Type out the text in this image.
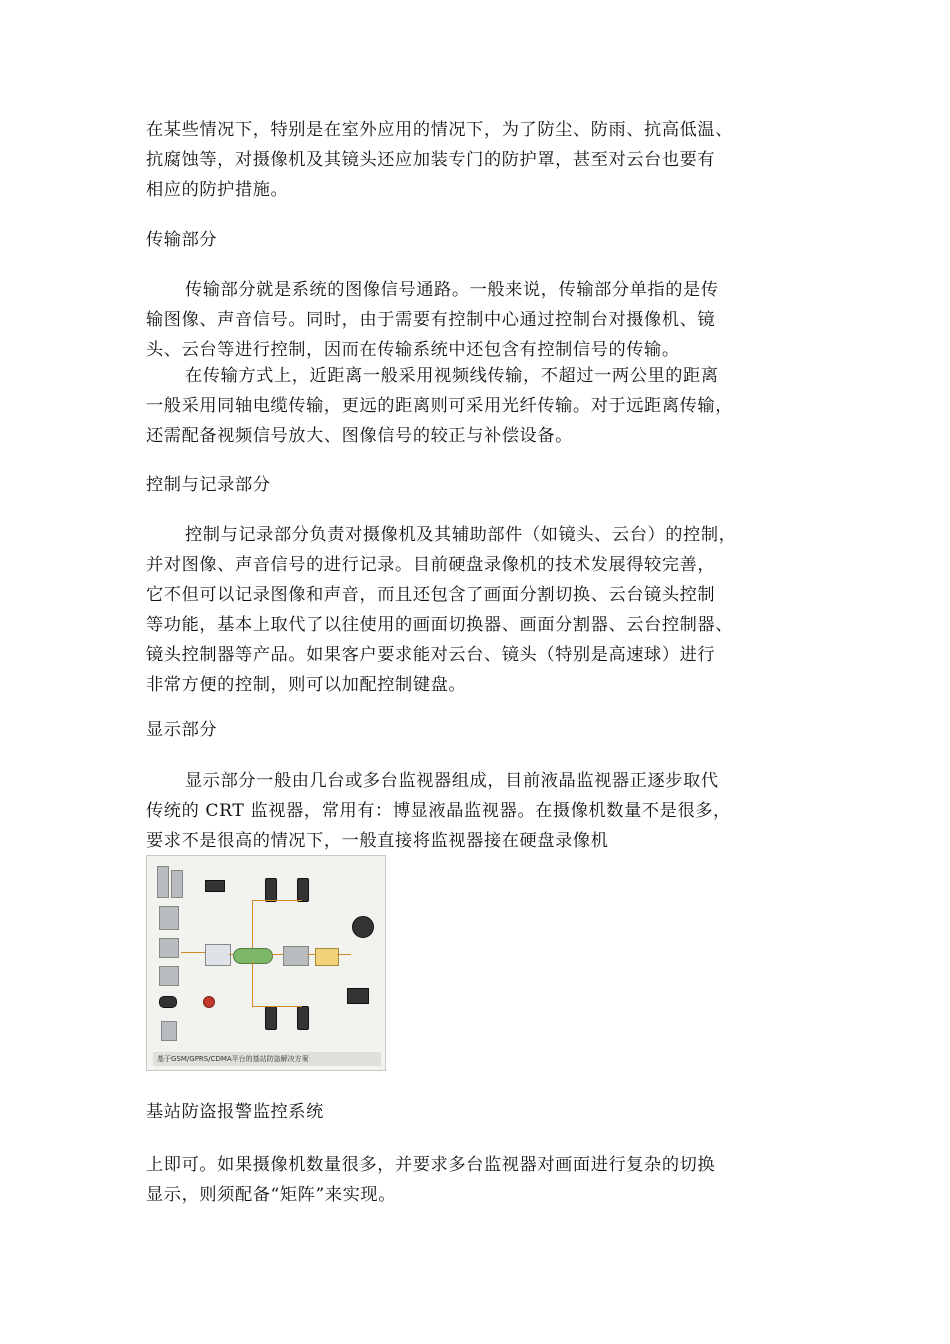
在某些情况下，特别是在室外应用的情况下，为了防尘、防雨、抗高低温、
抗腐蚀等，对摄像机及其镜头还应加装专门的防护罩，甚至对云台也要有
相应的防护措施。
传输部分
传输部分就是系统的图像信号通路。一般来说，传输部分单指的是传
输图像、声音信号。同时，由于需要有控制中心通过控制台对摄像机、镜
头、云台等进行控制，因而在传输系统中还包含有控制信号的传输。
在传输方式上，近距离一般采用视频线传输，不超过一两公里的距离
一般采用同轴电缆传输，更远的距离则可采用光纤传输。对于远距离传输，
还需配备视频信号放大、图像信号的较正与补偿设备。
控制与记录部分
控制与记录部分负责对摄像机及其辅助部件（如镜头、云台）的控制，
并对图像、声音信号的进行记录。目前硬盘录像机的技术发展得较完善，
它不但可以记录图像和声音，而且还包含了画面分割切换、云台镜头控制
等功能，基本上取代了以往使用的画面切换器、画面分割器、云台控制器、
镜头控制器等产品。如果客户要求能对云台、镜头（特别是高速球）进行
非常方便的控制，则可以加配控制键盘。
显示部分
显示部分一般由几台或多台监视器组成，目前液晶监视器正逐步取代
传统的 CRT 监视器，常用有：博显液晶监视器。在摄像机数量不是很多，
要求不是很高的情况下，一般直接将监视器接在硬盘录像机
基于GSM/GPRS/CDMA平台的基站防盗解决方案
基站防盗报警监控系统
上即可。如果摄像机数量很多，并要求多台监视器对画面进行复杂的切换
显示，则须配备“矩阵”来实现。
